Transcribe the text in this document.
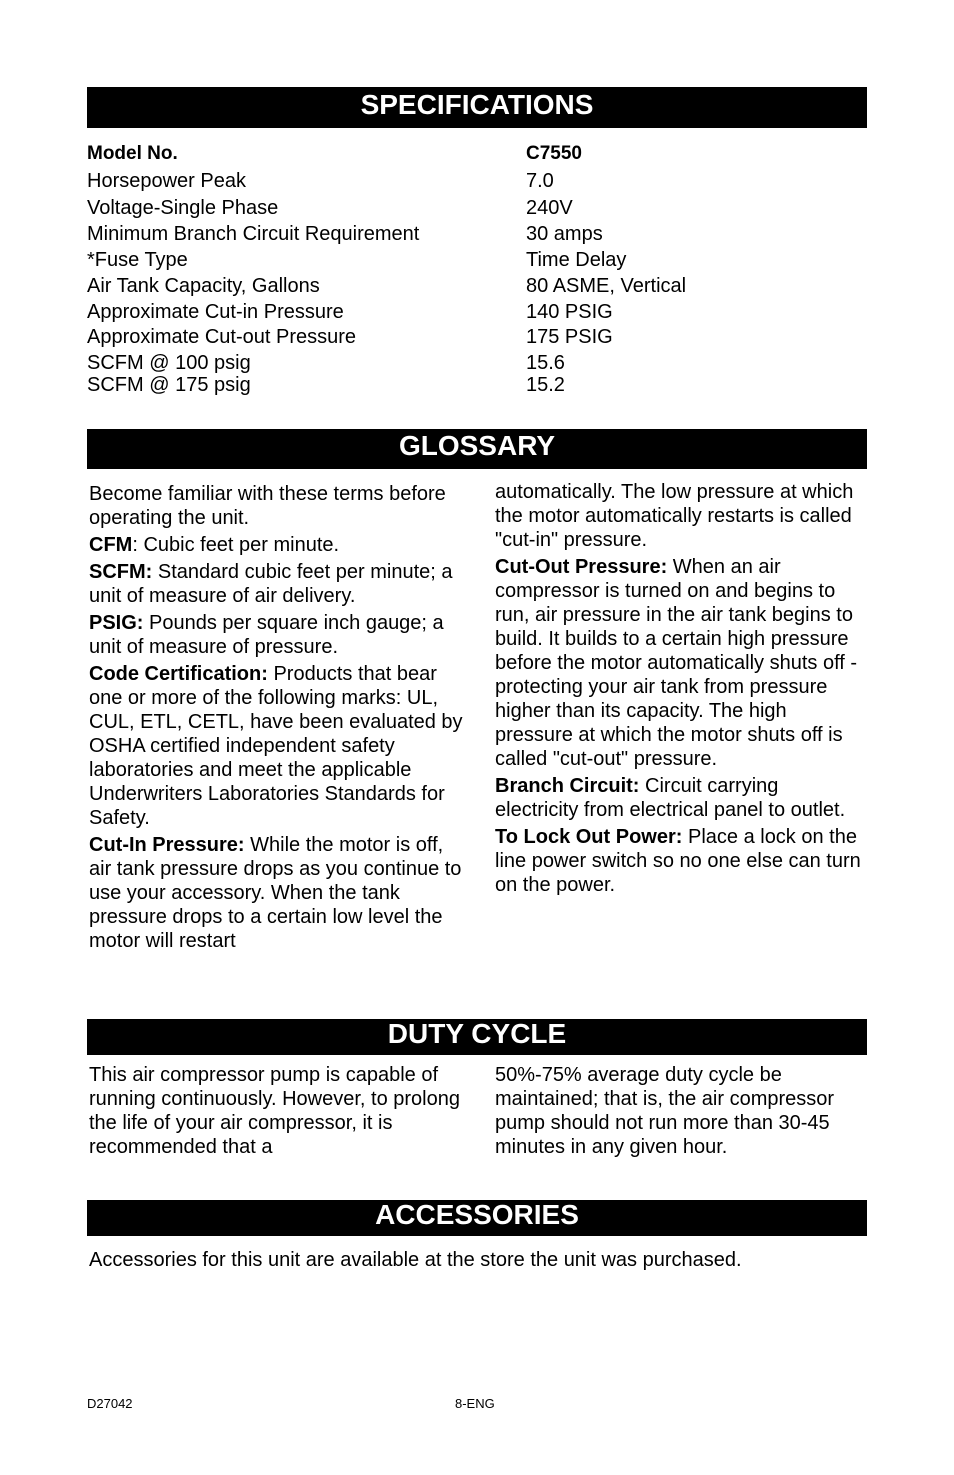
SPECIFICATIONS
Model No.	C7550
Horsepower Peak	7.0
Voltage-Single Phase	240V
Minimum Branch Circuit Requirement	30 amps
*Fuse Type	Time Delay
Air Tank Capacity, Gallons	80 ASME, Vertical
Approximate Cut-in Pressure	140 PSIG
Approximate Cut-out Pressure	175 PSIG
SCFM @ 100 psig	15.6
SCFM @ 175 psig	15.2
GLOSSARY

Become familiar with these terms before operating the unit.

CFM: Cubic feet per minute.

SCFM: Standard cubic feet per minute; a unit of measure of air delivery.

PSIG: Pounds per square inch gauge; a unit of measure of pressure.

Code Certification: Products that bear one or more of the following marks: UL, CUL, ETL, CETL, have been evaluated by OSHA certified independent safety laboratories and meet the applicable Underwriters Laboratories Standards for Safety.

Cut-In Pressure: While the motor is off, air tank pressure drops as you continue to use your accessory. When the tank pressure drops to a certain low level the motor will restart

automatically. The low pressure at which the motor automatically restarts is called "cut-in" pressure.

Cut-Out Pressure: When an air compressor is turned on and begins to run, air pressure in the air tank begins to build. It builds to a certain high pressure before the motor automatically shuts off - protecting your air tank from pressure higher than its capacity. The high pressure at which the motor shuts off is called "cut-out" pressure.

Branch Circuit: Circuit carrying electricity from electrical panel to outlet.

To Lock Out Power: Place a lock on the line power switch so no one else can turn on the power.

DUTY CYCLE
This air compressor pump is capable of running continuously. However, to prolong the life of your air compressor, it is recommended that a
50%-75% average duty cycle be maintained; that is, the air compressor pump should not run more than 30-45 minutes in any given hour.
ACCESSORIES
Accessories for this unit are available at the store the unit was purchased.
D27042	8-ENG
